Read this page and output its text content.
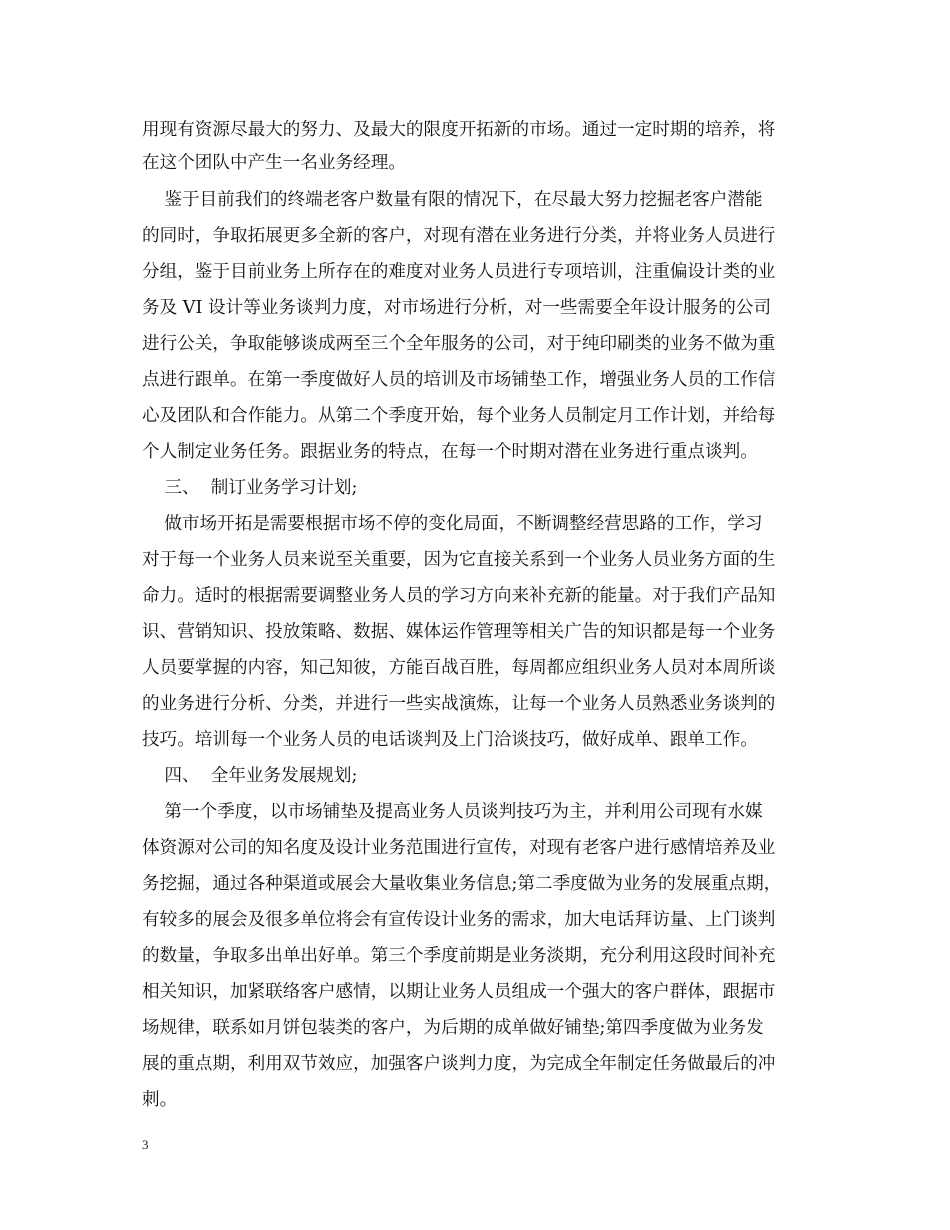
用现有资源尽最大的努力、及最大的限度开拓新的市场。通过一定时期的培养，将
在这个团队中产生一名业务经理。
鉴于目前我们的终端老客户数量有限的情况下，在尽最大努力挖掘老客户潜能
的同时，争取拓展更多全新的客户，对现有潜在业务进行分类，并将业务人员进行
分组，鉴于目前业务上所存在的难度对业务人员进行专项培训，注重偏设计类的业
务及 VI 设计等业务谈判力度，对市场进行分析，对一些需要全年设计服务的公司
进行公关，争取能够谈成两至三个全年服务的公司，对于纯印刷类的业务不做为重
点进行跟单。在第一季度做好人员的培训及市场铺垫工作，增强业务人员的工作信
心及团队和合作能力。从第二个季度开始，每个业务人员制定月工作计划，并给每
个人制定业务任务。跟据业务的特点，在每一个时期对潜在业务进行重点谈判。
三、  制订业务学习计划;
做市场开拓是需要根据市场不停的变化局面，不断调整经营思路的工作，学习
对于每一个业务人员来说至关重要，因为它直接关系到一个业务人员业务方面的生
命力。适时的根据需要调整业务人员的学习方向来补充新的能量。对于我们产品知
识、营销知识、投放策略、数据、媒体运作管理等相关广告的知识都是每一个业务
人员要掌握的内容，知己知彼，方能百战百胜，每周都应组织业务人员对本周所谈
的业务进行分析、分类，并进行一些实战演炼，让每一个业务人员熟悉业务谈判的
技巧。培训每一个业务人员的电话谈判及上门洽谈技巧，做好成单、跟单工作。
四、  全年业务发展规划;
第一个季度，以市场铺垫及提高业务人员谈判技巧为主，并利用公司现有水媒
体资源对公司的知名度及设计业务范围进行宣传，对现有老客户进行感情培养及业
务挖掘，通过各种渠道或展会大量收集业务信息;第二季度做为业务的发展重点期，
有较多的展会及很多单位将会有宣传设计业务的需求，加大电话拜访量、上门谈判
的数量，争取多出单出好单。第三个季度前期是业务淡期，充分利用这段时间补充
相关知识，加紧联络客户感情，以期让业务人员组成一个强大的客户群体，跟据市
场规律，联系如月饼包装类的客户，为后期的成单做好铺垫;第四季度做为业务发
展的重点期，利用双节效应，加强客户谈判力度，为完成全年制定任务做最后的冲
刺。
3
